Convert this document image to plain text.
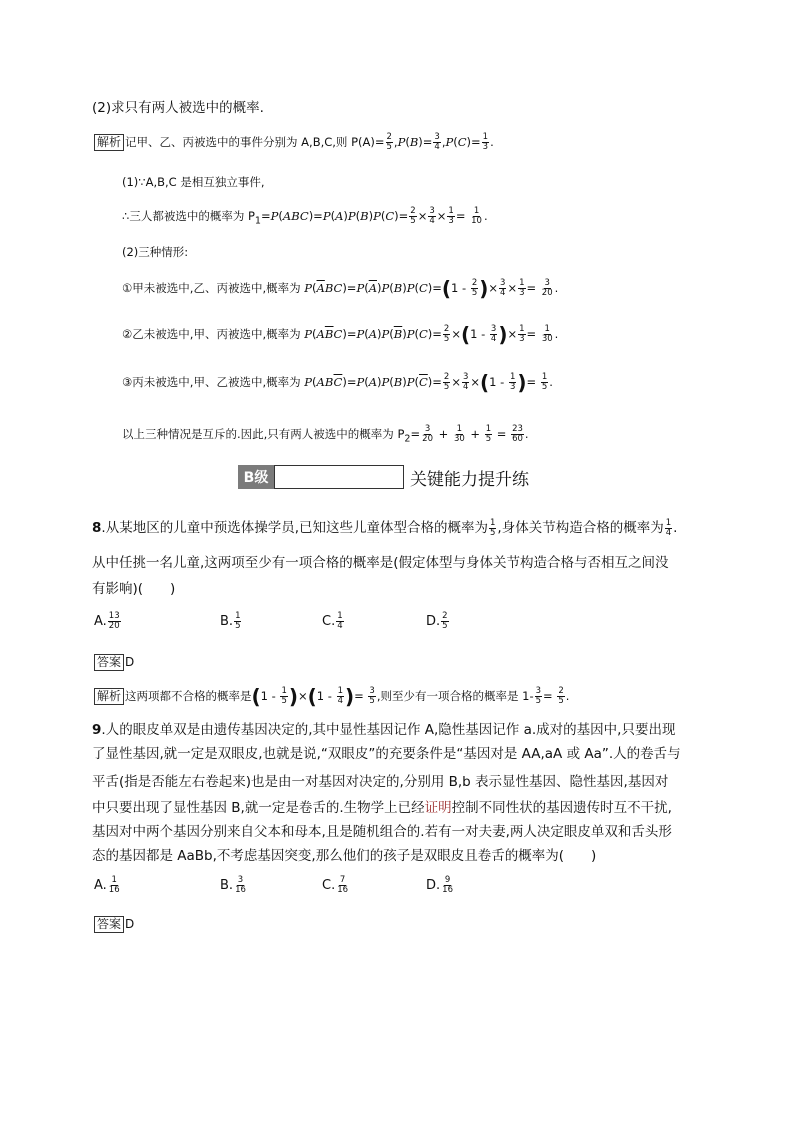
(2)求只有两人被选中的概率.
解析 记甲、乙、丙被选中的事件分别为 A,B,C,则 $P(A)= \frac{2}{5} ,P(B)= \frac{3}{4} ,P(C)= \frac{1}{3}$ .
(1)∵A,B,C 是相互独立事件,
∴三人都被选中的概率为 $P_1=P(ABC)=P(A)P(B)P(C)= \frac{2}{5} \times \frac{3}{4} \times \frac{1}{3} = \frac{1}{10}$ .
(2)三种情形:
①甲未被选中,乙、丙被选中,概率为 $P(\overline{A}BC)=P(\overline{A})P(B)P(C)=(1 - \frac{2}{5}$ )× $\frac{3}{4} \times \frac{1}{3} = \frac{3}{20}$ .
②乙未被选中,甲、丙被选中,概率为 $P(A\overline{B}C)=P(A)P(\overline{B})P(C)= \frac{2}{5} \times(1 - \frac{3}{4}$ )× $\frac{1}{3} = \frac{1}{30}$ .
③丙未被选中,甲、乙被选中,概率为 $P(AB\overline{C})=P(A)P(B)P(\overline{C})= \frac{2}{5} \times \frac{3}{4} \times(1 - \frac{1}{3}$ )= $\frac{1}{5}$ .
以上三种情况是互斥的.因此,只有两人被选中的概率为 $P_2= \frac{3}{20} + \frac{1}{30} + \frac{1}{5} = \frac{23}{60}$ .
B级	关键能力提升练
8.从某地区的儿童中预选体操学员,已知这些儿童体型合格的概率为 $\frac{1}{5}$ ,身体关节构造合格的概率为 $\frac{1}{4}$ .
从中任挑一名儿童,这两项至少有一项合格的概率是(假定体型与身体关节构造合格与否相互之间没
有影响)(　　)
A. $\frac{13}{20}$	B. $\frac{1}{5}$	C. $\frac{1}{4}$	D. $\frac{2}{5}$
答案 D
解析 这两项都不合格的概率是$(1 - \frac{1}{5} )\times(1 - \frac{1}{4}$ )= $\frac{3}{5}$ ,则至少有一项合格的概率是 $1- \frac{3}{5} = \frac{2}{5}$ .
9.人的眼皮单双是由遗传基因决定的,其中显性基因记作 A,隐性基因记作 a.成对的基因中,只要出现
了显性基因,就一定是双眼皮,也就是说,“双眼皮”的充要条件是“基因对是 AA,aA 或 Aa”.人的卷舌与
平舌(指是否能左右卷起来)也是由一对基因对决定的,分别用 B,b 表示显性基因、隐性基因,基因对
中只要出现了显性基因 B,就一定是卷舌的.生物学上已经证明控制不同性状的基因遗传时互不干扰,
基因对中两个基因分别来自父本和母本,且是随机组合的.若有一对夫妻,两人决定眼皮单双和舌头形
态的基因都是 AaBb,不考虑基因突变,那么他们的孩子是双眼皮且卷舌的概率为(　　)
A. $\frac{1}{16}$	B. $\frac{3}{16}$	C. $\frac{7}{16}$	D. $\frac{9}{16}$
答案 D
